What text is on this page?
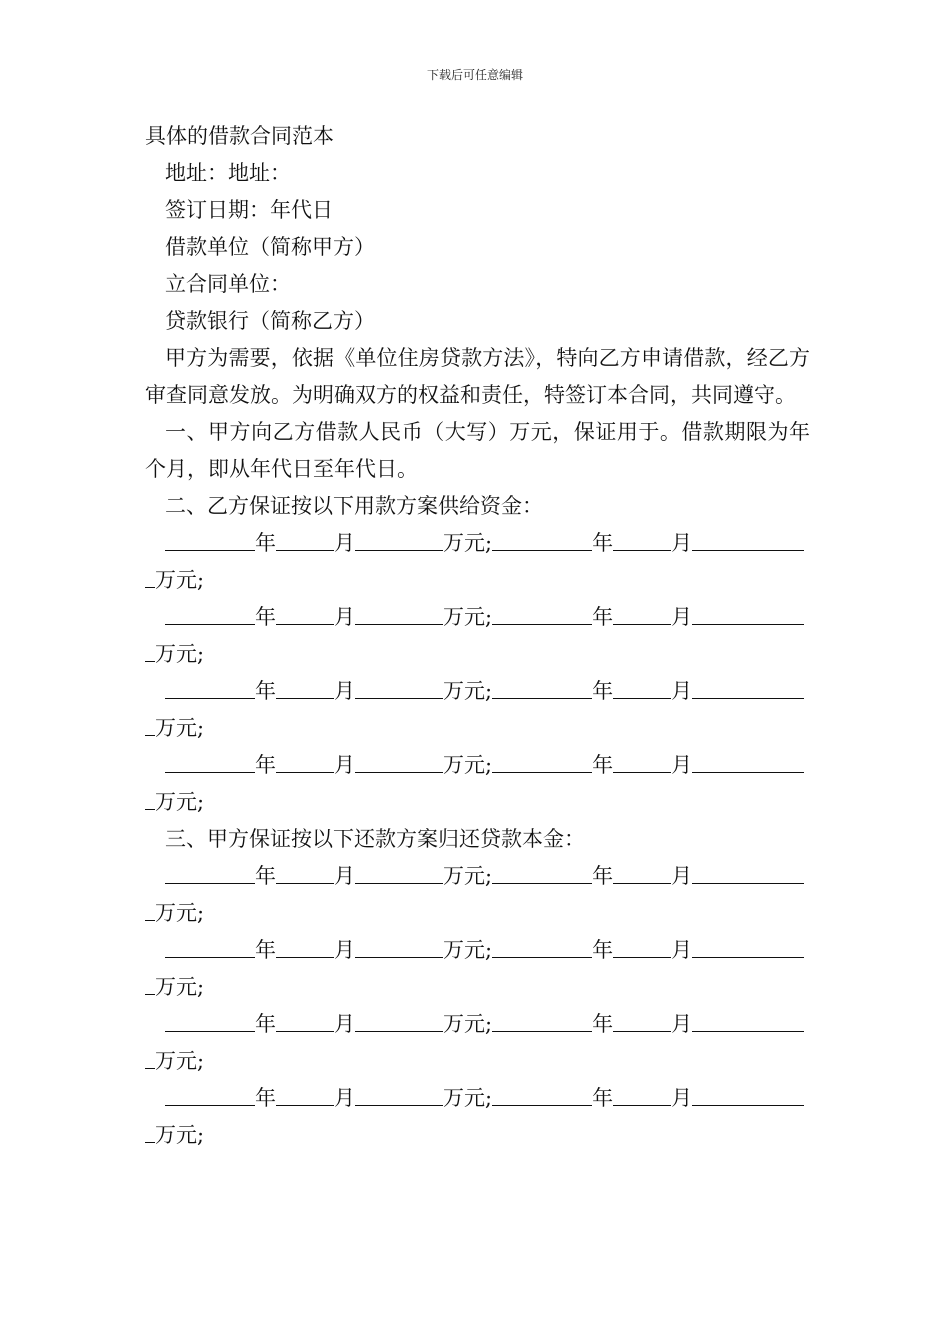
下载后可任意编辑
具体的借款合同范本
地址：地址：
签订日期：年代日
借款单位（简称甲方）
立合同单位：
贷款银行（简称乙方）
甲方为需要，依据《单位住房贷款方法》，特向乙方申请借款，经乙方审查同意发放。为明确双方的权益和责任，特签订本合同，共同遵守。
一、甲方向乙方借款人民币（大写）万元，保证用于。借款期限为年个月，即从年代日至年代日。
二、乙方保证按以下用款方案供给资金：
年	月	万元;	年	月
万元;
年	月	万元;	年	月
万元;
年	月	万元;	年	月
万元;
年	月	万元;	年	月
万元;
三、甲方保证按以下还款方案归还贷款本金：
年	月	万元;	年	月
万元;
年	月	万元;	年	月
万元;
年	月	万元;	年	月
万元;
年	月	万元;	年	月
万元;
